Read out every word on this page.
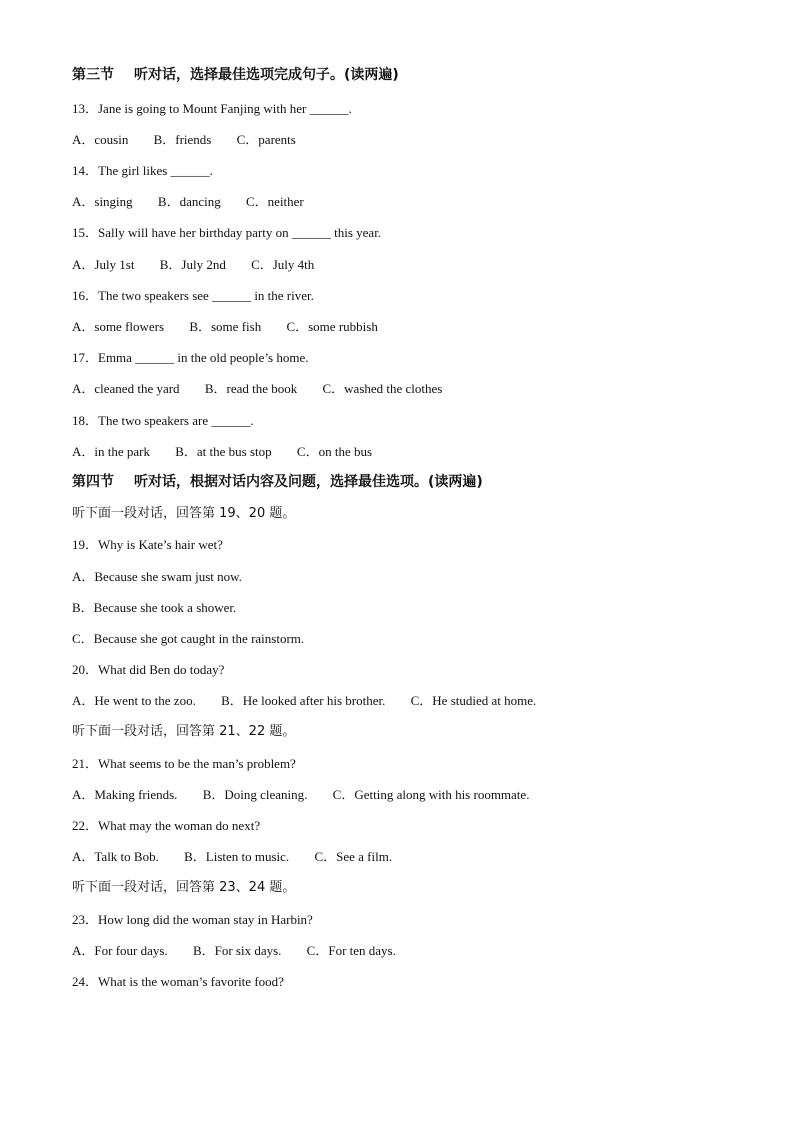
第三节 听对话，选择最佳选项完成句子。(读两遍)
13．Jane is going to Mount Fanjing with her ______.
A．cousin B．friends C．parents
14．The girl likes ______.
A．singing B．dancing C．neither
15．Sally will have her birthday party on ______ this year.
A．July 1st B．July 2nd C．July 4th
16．The two speakers see ______ in the river.
A．some flowers B．some fish C．some rubbish
17．Emma ______ in the old people’s home.
A．cleaned the yard B．read the book C．washed the clothes
18．The two speakers are ______.
A．in the park B．at the bus stop C．on the bus
第四节 听对话，根据对话内容及问题，选择最佳选项。(读两遍)
听下面一段对话，回答第 19、20 题。
19．Why is Kate’s hair wet?
A．Because she swam just now.
B．Because she took a shower.
C．Because she got caught in the rainstorm.
20．What did Ben do today?
A．He went to the zoo. B．He looked after his brother. C．He studied at home.
听下面一段对话，回答第 21、22 题。
21．What seems to be the man’s problem?
A．Making friends. B．Doing cleaning. C．Getting along with his roommate.
22．What may the woman do next?
A．Talk to Bob. B．Listen to music. C．See a film.
听下面一段对话，回答第 23、24 题。
23．How long did the woman stay in Harbin?
A．For four days. B．For six days. C．For ten days.
24．What is the woman’s favorite food?
